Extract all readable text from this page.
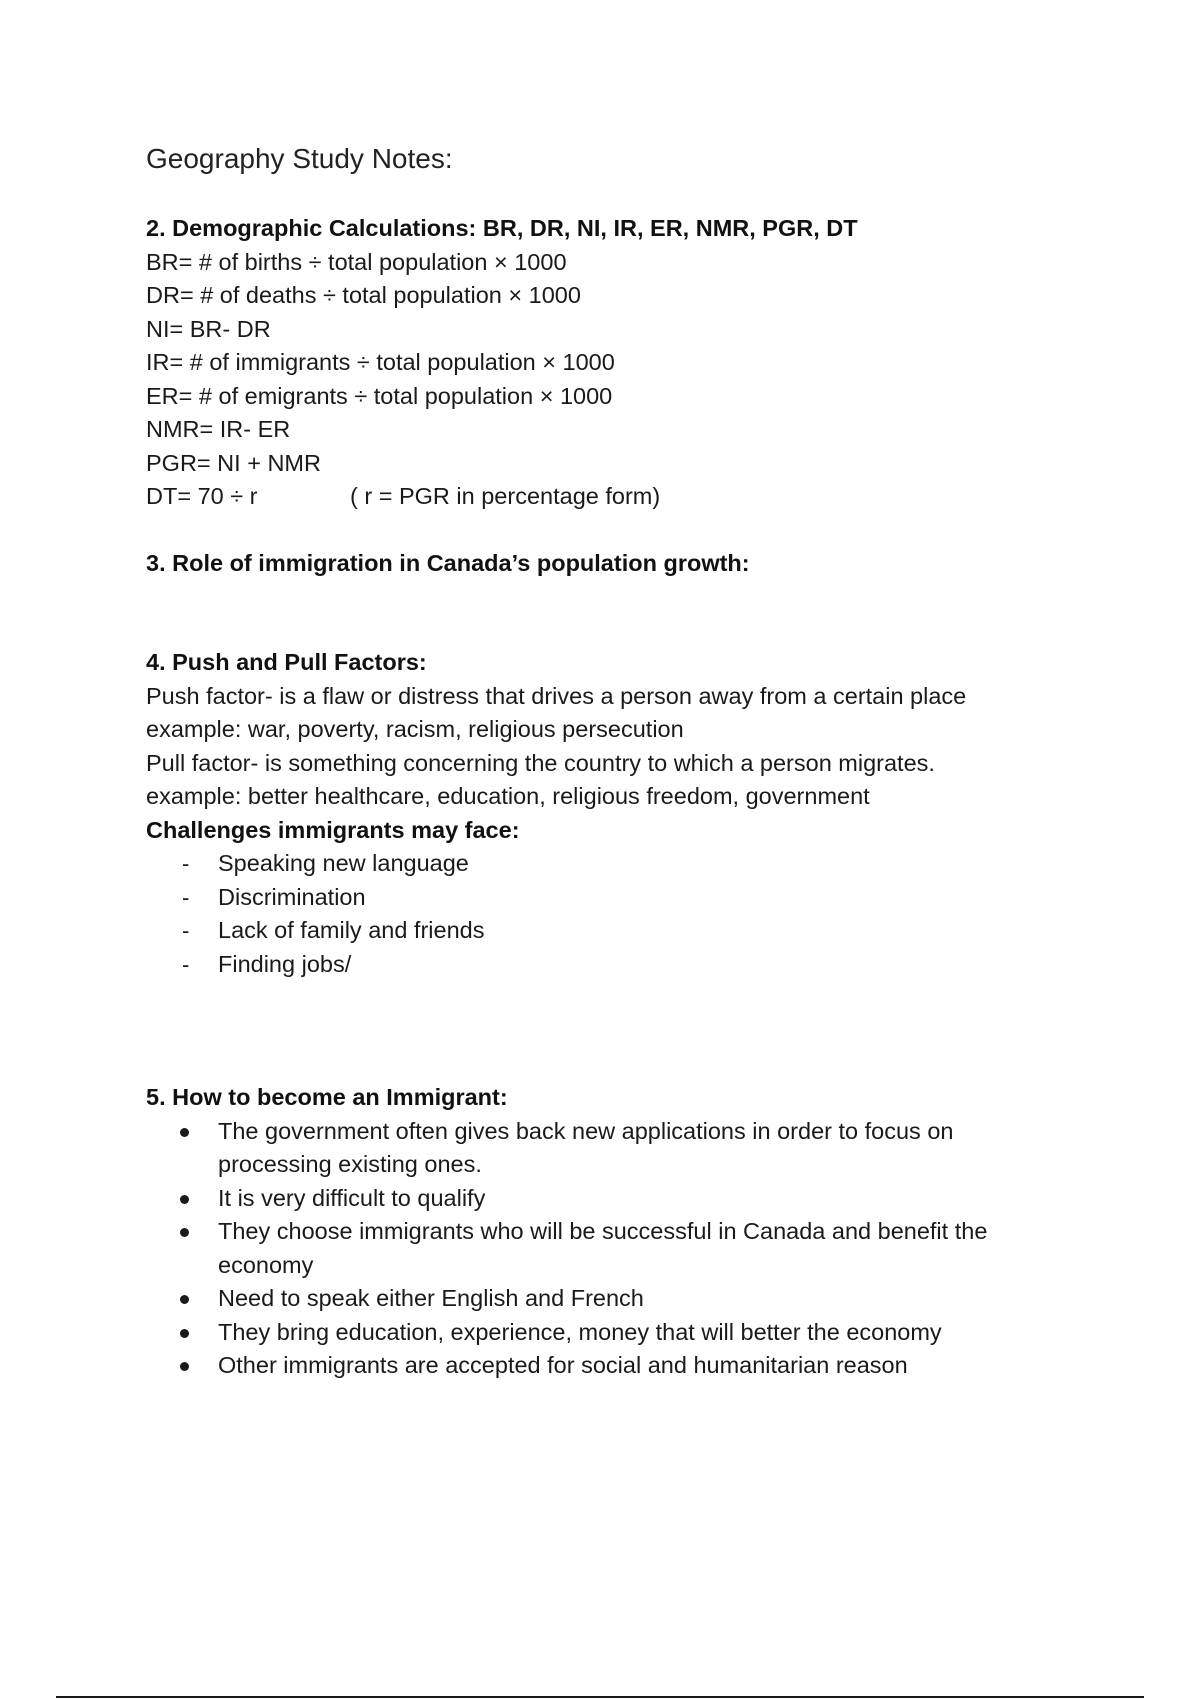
Geography Study Notes:
2. Demographic Calculations: BR, DR, NI, IR, ER, NMR, PGR, DT
BR= # of births ÷ total population × 1000
DR= # of deaths ÷ total population × 1000
NI= BR- DR
IR= # of immigrants ÷ total population × 1000
ER= # of emigrants ÷ total population × 1000
NMR= IR- ER
PGR= NI + NMR
DT= 70 ÷ r	( r = PGR in percentage form)
3. Role of immigration in Canada’s population growth:
4. Push and Pull Factors:
Push factor- is a flaw or distress that drives a person away from a certain place
example: war, poverty, racism, religious persecution
Pull factor- is something concerning the country to which a person migrates.
example: better healthcare, education, religious freedom, government
Challenges immigrants may face:
- Speaking new language
- Discrimination
- Lack of family and friends
- Finding jobs/
5. How to become an Immigrant:
The government often gives back new applications in order to focus on processing existing ones.
It is very difficult to qualify
They choose immigrants who will be successful in Canada and benefit the economy
Need to speak either English and French
They bring education, experience, money that will better the economy
Other immigrants are accepted for social and humanitarian reason
